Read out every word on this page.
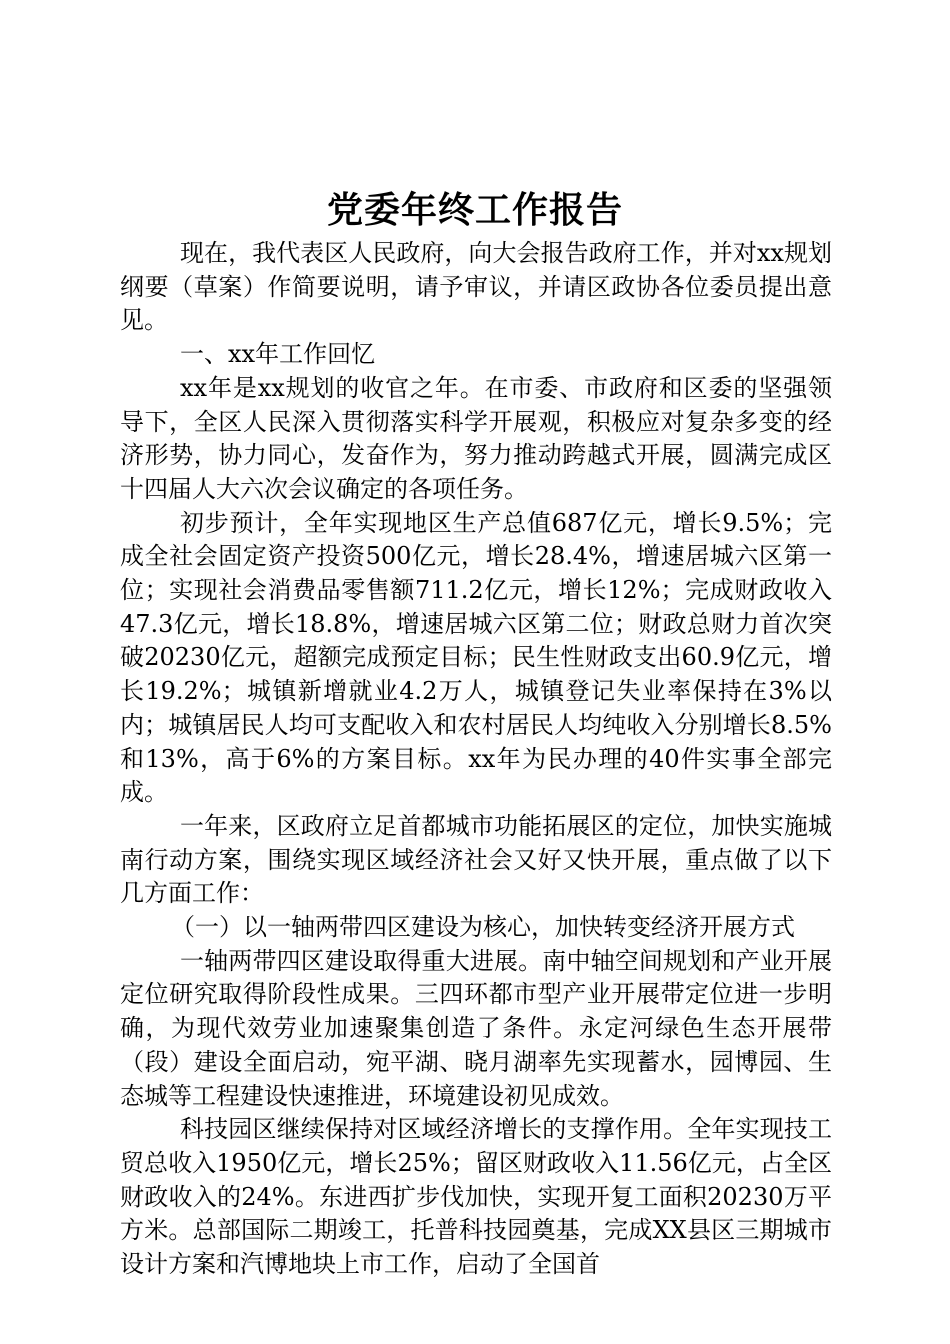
党委年终工作报告

现在，我代表区人民政府，向大会报告政府工作，并对xx规划纲要（草案）作简要说明，请予审议，并请区政协各位委员提出意见。

一、xx年工作回忆

xx年是xx规划的收官之年。在市委、市政府和区委的坚强领导下，全区人民深入贯彻落实科学开展观，积极应对复杂多变的经济形势，协力同心，发奋作为，努力推动跨越式开展，圆满完成区十四届人大六次会议确定的各项任务。

初步预计，全年实现地区生产总值687亿元，增长9.5%；完成全社会固定资产投资500亿元，增长28.4%，增速居城六区第一位；实现社会消费品零售额711.2亿元，增长12%；完成财政收入47.3亿元，增长18.8%，增速居城六区第二位；财政总财力首次突破20230亿元，超额完成预定目标；民生性财政支出60.9亿元，增长19.2%；城镇新增就业4.2万人，城镇登记失业率保持在3%以内；城镇居民人均可支配收入和农村居民人均纯收入分别增长8.5%和13%，高于6%的方案目标。xx年为民办理的40件实事全部完成。

一年来，区政府立足首都城市功能拓展区的定位，加快实施城南行动方案，围绕实现区域经济社会又好又快开展，重点做了以下几方面工作：

（一）以一轴两带四区建设为核心，加快转变经济开展方式

一轴两带四区建设取得重大进展。南中轴空间规划和产业开展定位研究取得阶段性成果。三四环都市型产业开展带定位进一步明确，为现代效劳业加速聚集创造了条件。永定河绿色生态开展带（段）建设全面启动，宛平湖、晓月湖率先实现蓄水，园博园、生态城等工程建设快速推进，环境建设初见成效。

科技园区继续保持对区域经济增长的支撑作用。全年实现技工贸总收入1950亿元，增长25%；留区财政收入11.56亿元，占全区财政收入的24%。东进西扩步伐加快，实现开复工面积20230万平方米。总部国际二期竣工，托普科技园奠基，完成XX县区三期城市设计方案和汽博地块上市工作，启动了全国首
